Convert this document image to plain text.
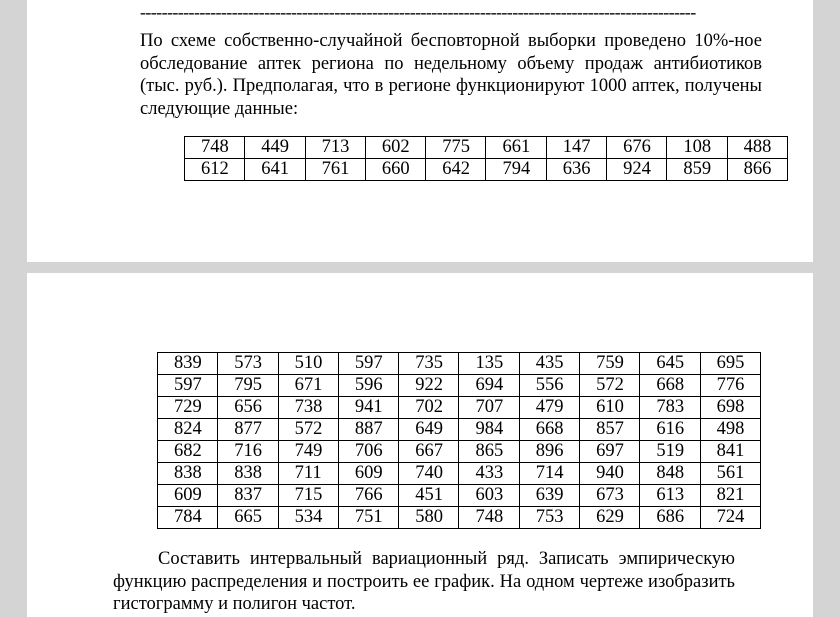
-------------------------------------------------------------------------------------------------------

По схеме собственно-случайной бесповторной выборки проведено 10%-ное обследование аптек региона по недельному объему продаж антибиотиков (тыс. руб.). Предполагая, что в регионе функционируют 1000 аптек, получены следующие данные:

748	449	713	602	775	661	147	676	108	488
612	641	761	660	642	794	636	924	859	866
839	573	510	597	735	135	435	759	645	695
597	795	671	596	922	694	556	572	668	776
729	656	738	941	702	707	479	610	783	698
824	877	572	887	649	984	668	857	616	498
682	716	749	706	667	865	896	697	519	841
838	838	711	609	740	433	714	940	848	561
609	837	715	766	451	603	639	673	613	821
784	665	534	751	580	748	753	629	686	724

Составить интервальный вариационный ряд. Записать эмпирическую функцию распределения и построить ее график. На одном чертеже изобразить гистограмму и полигон частот.
